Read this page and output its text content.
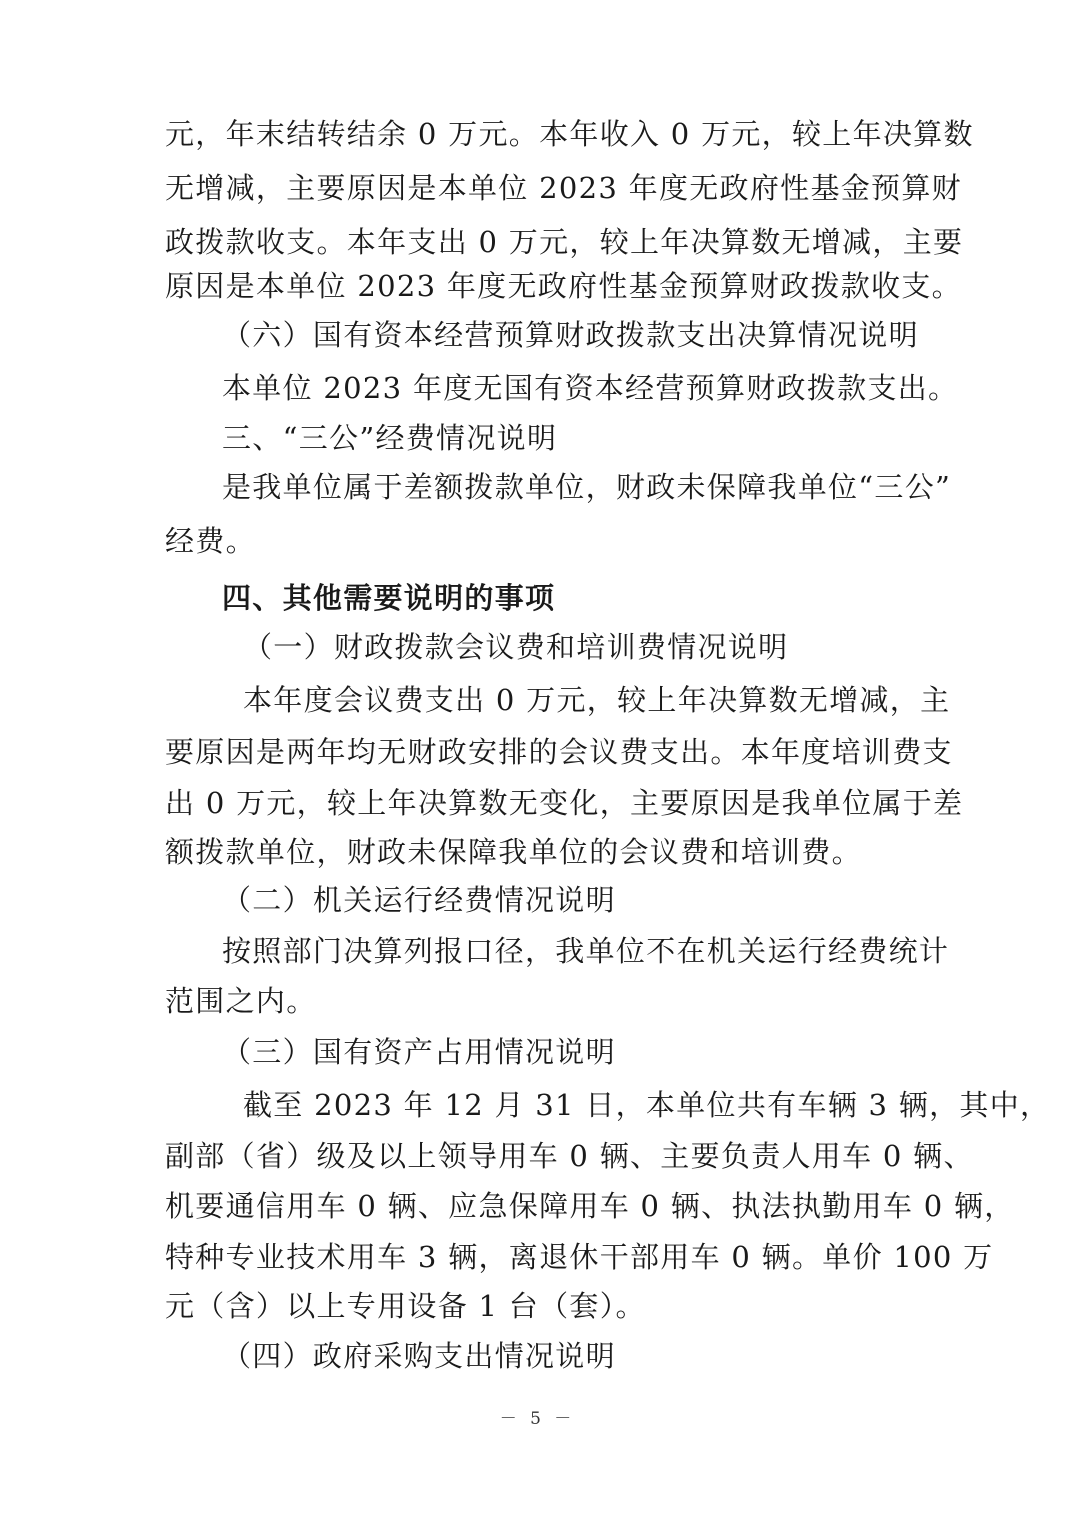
元，年末结转结余 0 万元。本年收入 0 万元，较上年决算数
无增减，主要原因是本单位 2023 年度无政府性基金预算财
政拨款收支。本年支出 0 万元，较上年决算数无增减，主要
原因是本单位 2023 年度无政府性基金预算财政拨款收支。
（六）国有资本经营预算财政拨款支出决算情况说明
本单位 2023 年度无国有资本经营预算财政拨款支出。
三、“三公”经费情况说明
是我单位属于差额拨款单位，财政未保障我单位“三公”
经费。
四、其他需要说明的事项
（一）财政拨款会议费和培训费情况说明
本年度会议费支出 0 万元，较上年决算数无增减，主
要原因是两年均无财政安排的会议费支出。本年度培训费支
出 0 万元，较上年决算数无变化，主要原因是我单位属于差
额拨款单位，财政未保障我单位的会议费和培训费。
（二）机关运行经费情况说明
按照部门决算列报口径，我单位不在机关运行经费统计
范围之内。
（三）国有资产占用情况说明
截至 2023 年 12 月 31 日，本单位共有车辆 3 辆，其中，
副部（省）级及以上领导用车 0 辆、主要负责人用车 0 辆、
机要通信用车 0 辆、应急保障用车 0 辆、执法执勤用车 0 辆，
特种专业技术用车 3 辆，离退休干部用车 0 辆。单价 100 万
元（含）以上专用设备 1 台（套）。
（四）政府采购支出情况说明
－ 5 －
